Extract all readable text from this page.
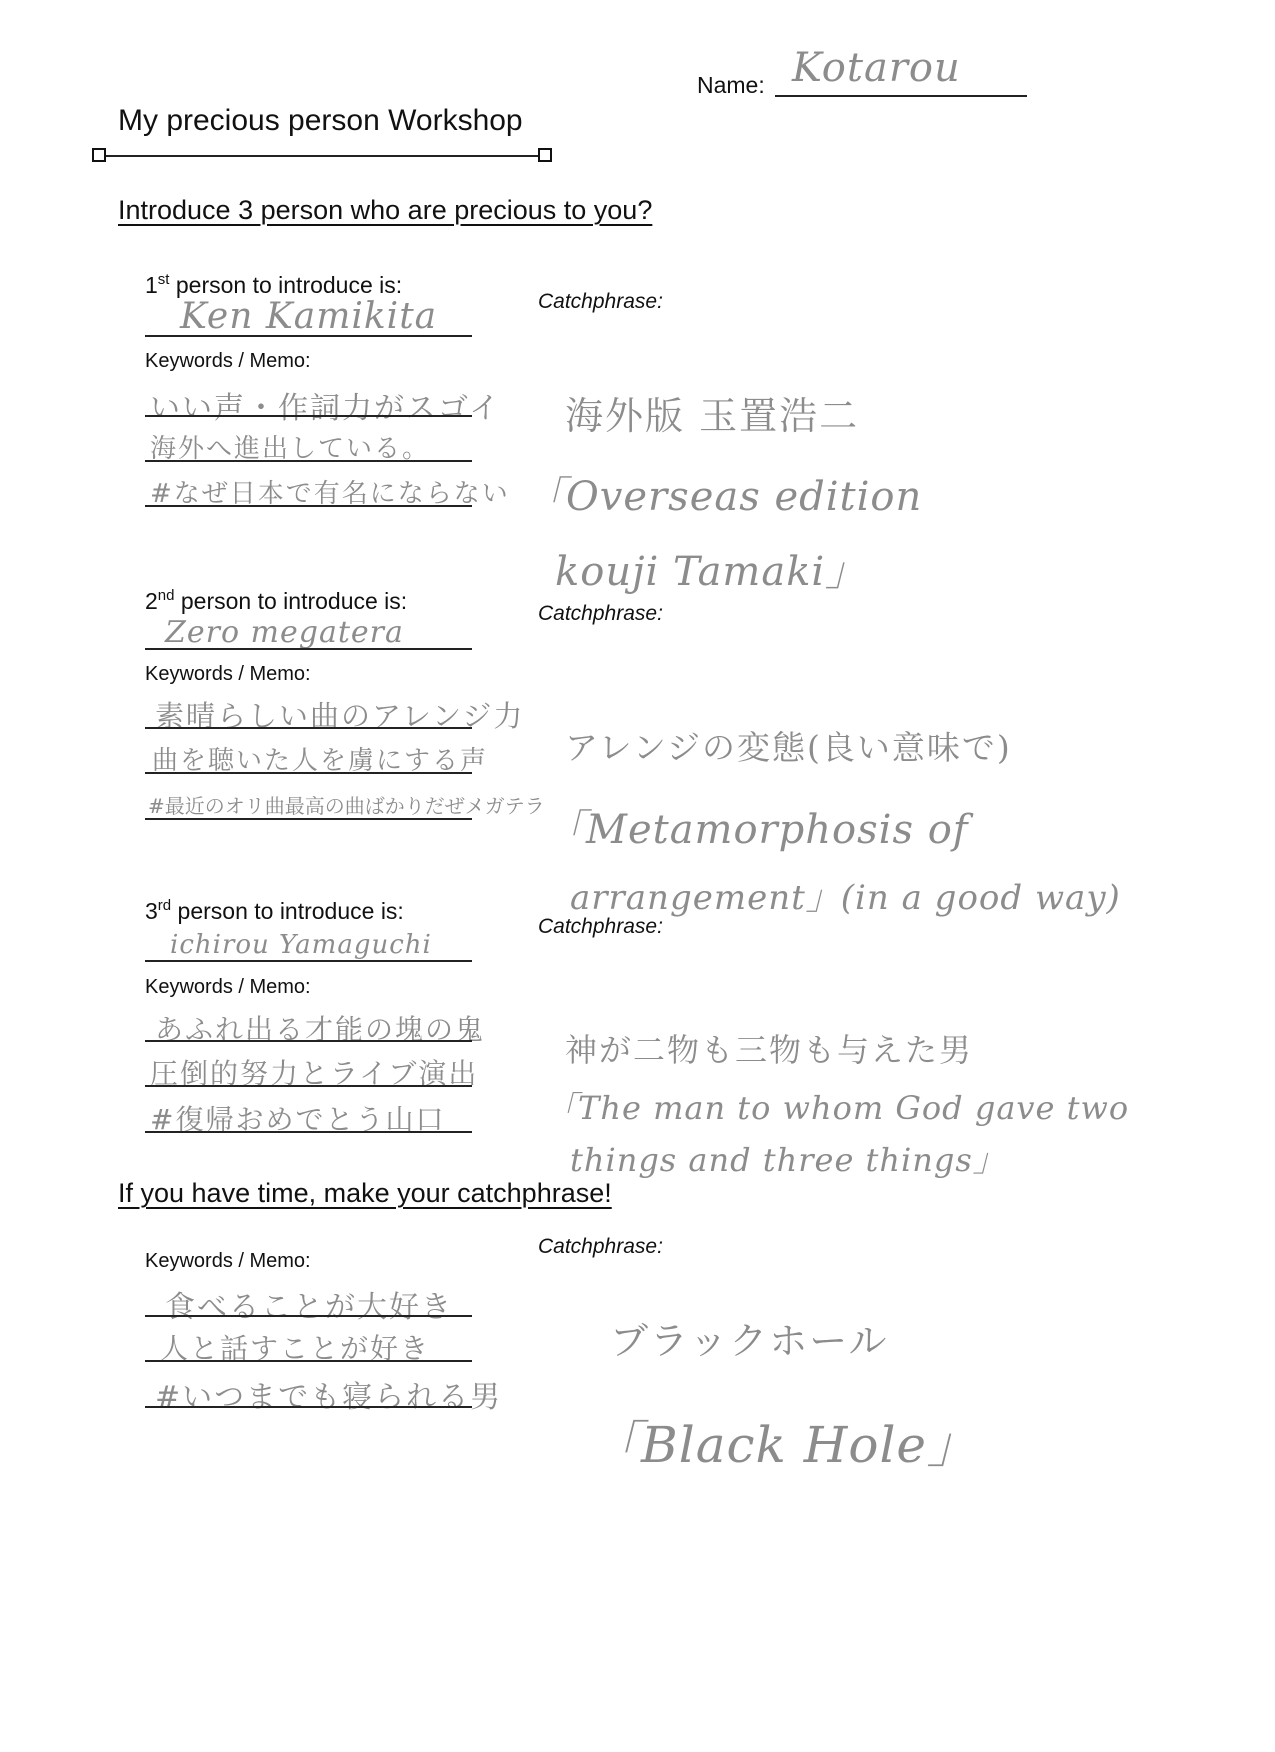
Name: Kotarou
My precious person Workshop
Introduce 3 person who are precious to you?
1st person to introduce is:
Ken Kamikita
Keywords / Memo:
いい声・作詞力がスゴイ
海外へ進出している。
#なぜ日本で有名にならない
Catchphrase:
海外版 玉置浩二
「Overseas edition
kouji Tamaki」
2nd person to introduce is:
Zero megatera
Keywords / Memo:
素晴らしい曲のアレンジ力
曲を聴いた人を虜にする声
#最近のオリ曲最高の曲ばかりだぜメガテラ
Catchphrase:
アレンジの変態(良い意味で)
「Metamorphosis of
arrangement」(in a good way)
3rd person to introduce is:
ichirou Yamaguchi
Keywords / Memo:
あふれ出る才能の塊の鬼
圧倒的努力とライブ演出
#復帰おめでとう山口
Catchphrase:
神が二物も三物も与えた男
「The man to whom God gave two
things and three things」
If you have time, make your catchphrase!
Keywords / Memo:
食べることが大好き
人と話すことが好き
#いつまでも寝られる男
Catchphrase:
ブラックホール
「Black Hole」
